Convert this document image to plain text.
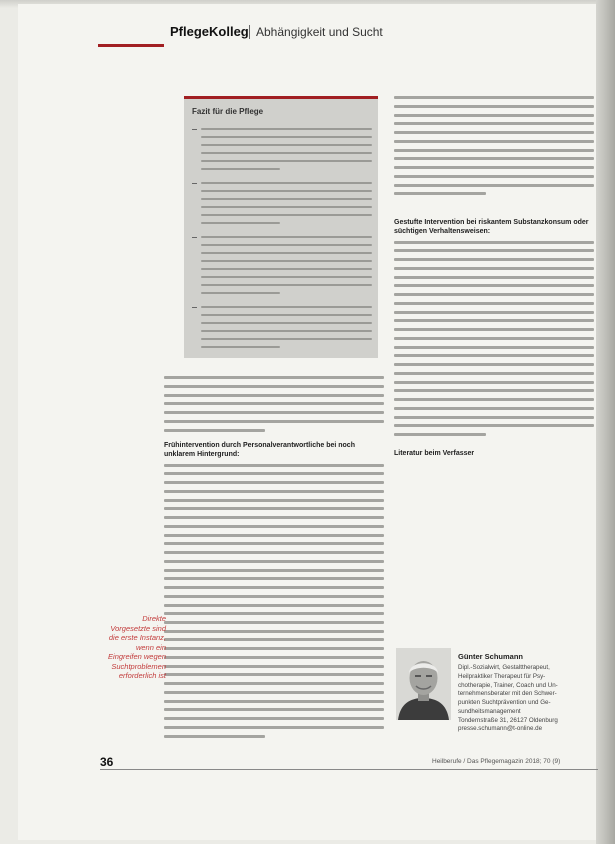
PflegeKolleg Abhängigkeit und Sucht
Fazit für die Pflege
Gestufte Intervention bei riskantem Substanzkonsum oder süchtigen Verhaltensweisen:
Literatur beim Verfasser
Frühintervention durch Personalverantwortliche bei noch unklarem Hintergrund:
Direkte
Vorgesetzte sind
die erste Instanz,
wenn ein
Eingreifen wegen
Suchtproblemen
erforderlich ist
Günter Schumann
Dipl.-Sozialwirt, Gestalttherapeut,
Heilpraktiker Therapeut für Psy-
chotherapie, Trainer, Coach und Un-
ternehmensberater mit den Schwer-
punkten Suchtprävention und Ge-
sundheitsmanagement
Tondernstraße 31, 26127 Oldenburg
presse.schumann@t-online.de
36	Heilberufe / Das Pflegemagazin 2018; 70 (9)
